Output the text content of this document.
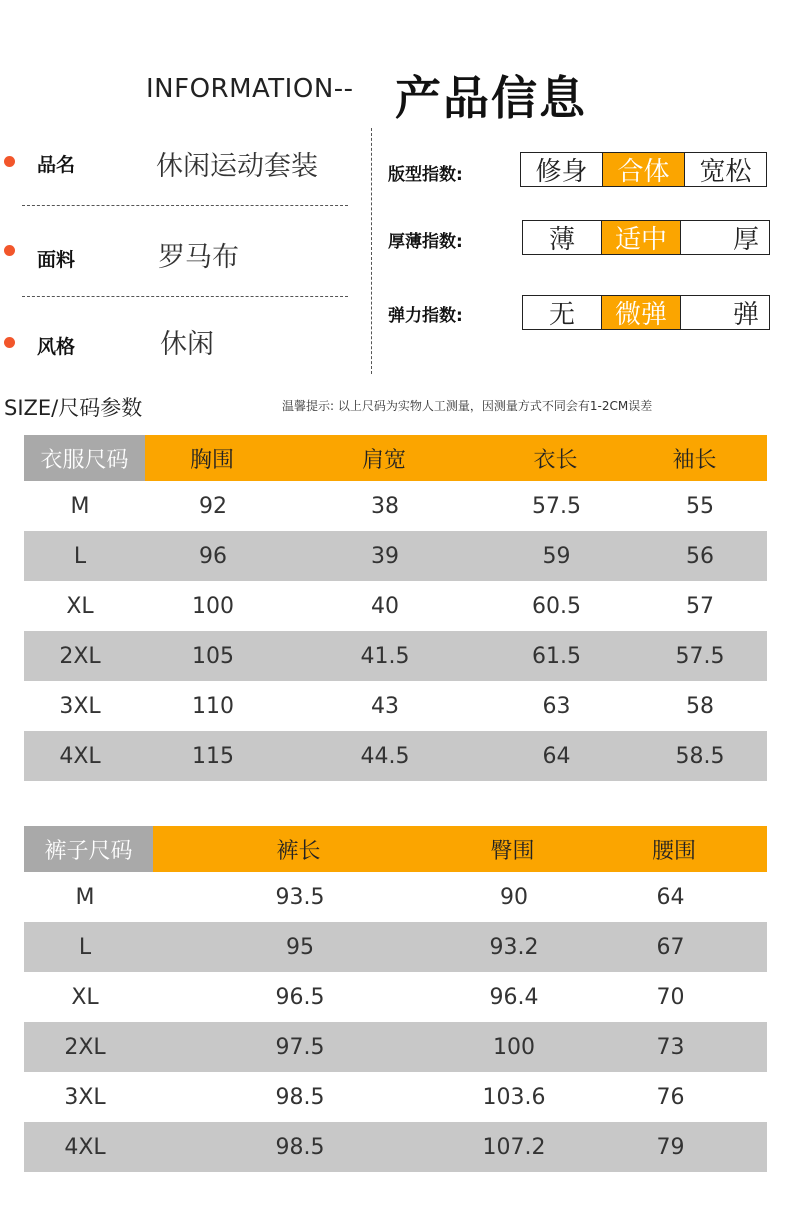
INFORMATION-- 产品信息
品名	休闲运动套装
面料	罗马布
风格	休闲
版型指数:	修身	合体	宽松
厚薄指数:	薄	适中	厚
弹力指数:	无	微弹	弹
SIZE/尺码参数	温馨提示: 以上尺码为实物人工测量，因测量方式不同会有1-2CM误差
衣服尺码	胸围	肩宽	衣长	袖长
M	92	38	57.5	55
L	96	39	59	56
XL	100	40	60.5	57
2XL	105	41.5	61.5	57.5
3XL	110	43	63	58
4XL	115	44.5	64	58.5
裤子尺码	裤长	臀围	腰围
M	93.5	90	64
L	95	93.2	67
XL	96.5	96.4	70
2XL	97.5	100	73
3XL	98.5	103.6	76
4XL	98.5	107.2	79
